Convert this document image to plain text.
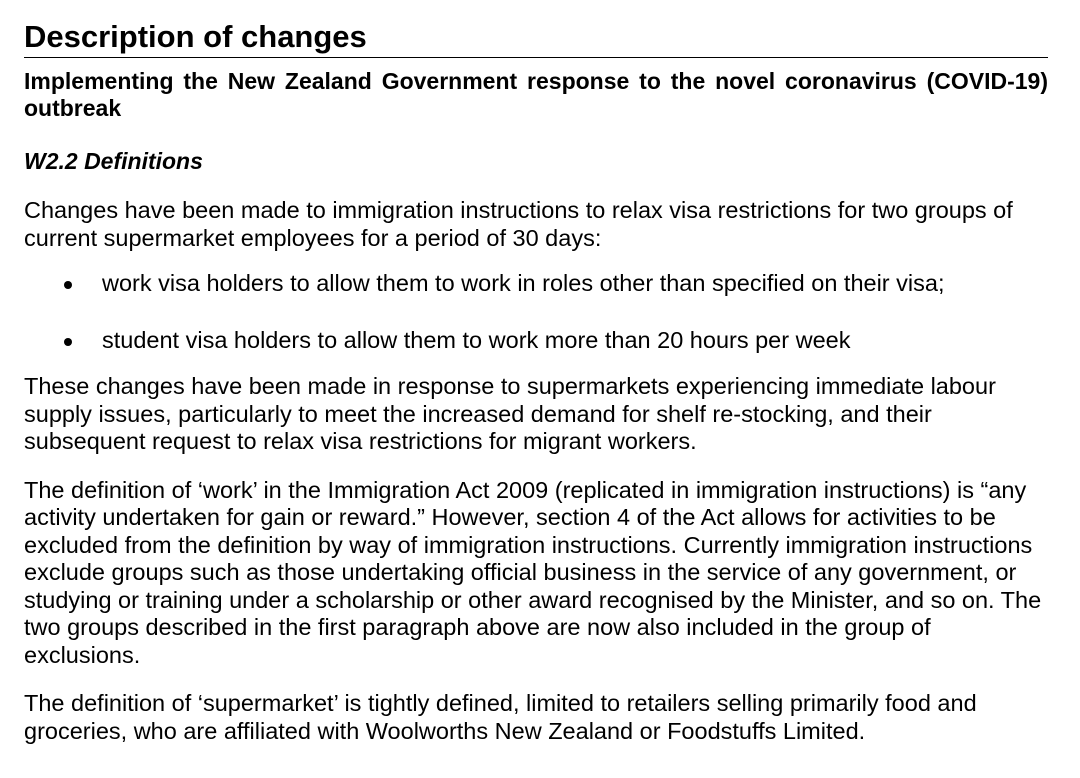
Description of changes

Implementing the New Zealand Government response to the novel coronavirus (COVID-19) outbreak

W2.2 Definitions

Changes have been made to immigration instructions to relax visa restrictions for two groups of current supermarket employees for a period of 30 days:

work visa holders to allow them to work in roles other than specified on their visa;
student visa holders to allow them to work more than 20 hours per week

These changes have been made in response to supermarkets experiencing immediate labour supply issues, particularly to meet the increased demand for shelf re-stocking, and their subsequent request to relax visa restrictions for migrant workers.

The definition of ‘work’ in the Immigration Act 2009 (replicated in immigration instructions) is “any activity undertaken for gain or reward.” However, section 4 of the Act allows for activities to be excluded from the definition by way of immigration instructions. Currently immigration instructions exclude groups such as those undertaking official business in the service of any government, or studying or training under a scholarship or other award recognised by the Minister, and so on. The two groups described in the first paragraph above are now also included in the group of exclusions.

The definition of ‘supermarket’ is tightly defined, limited to retailers selling primarily food and groceries, who are affiliated with Woolworths New Zealand or Foodstuffs Limited.
